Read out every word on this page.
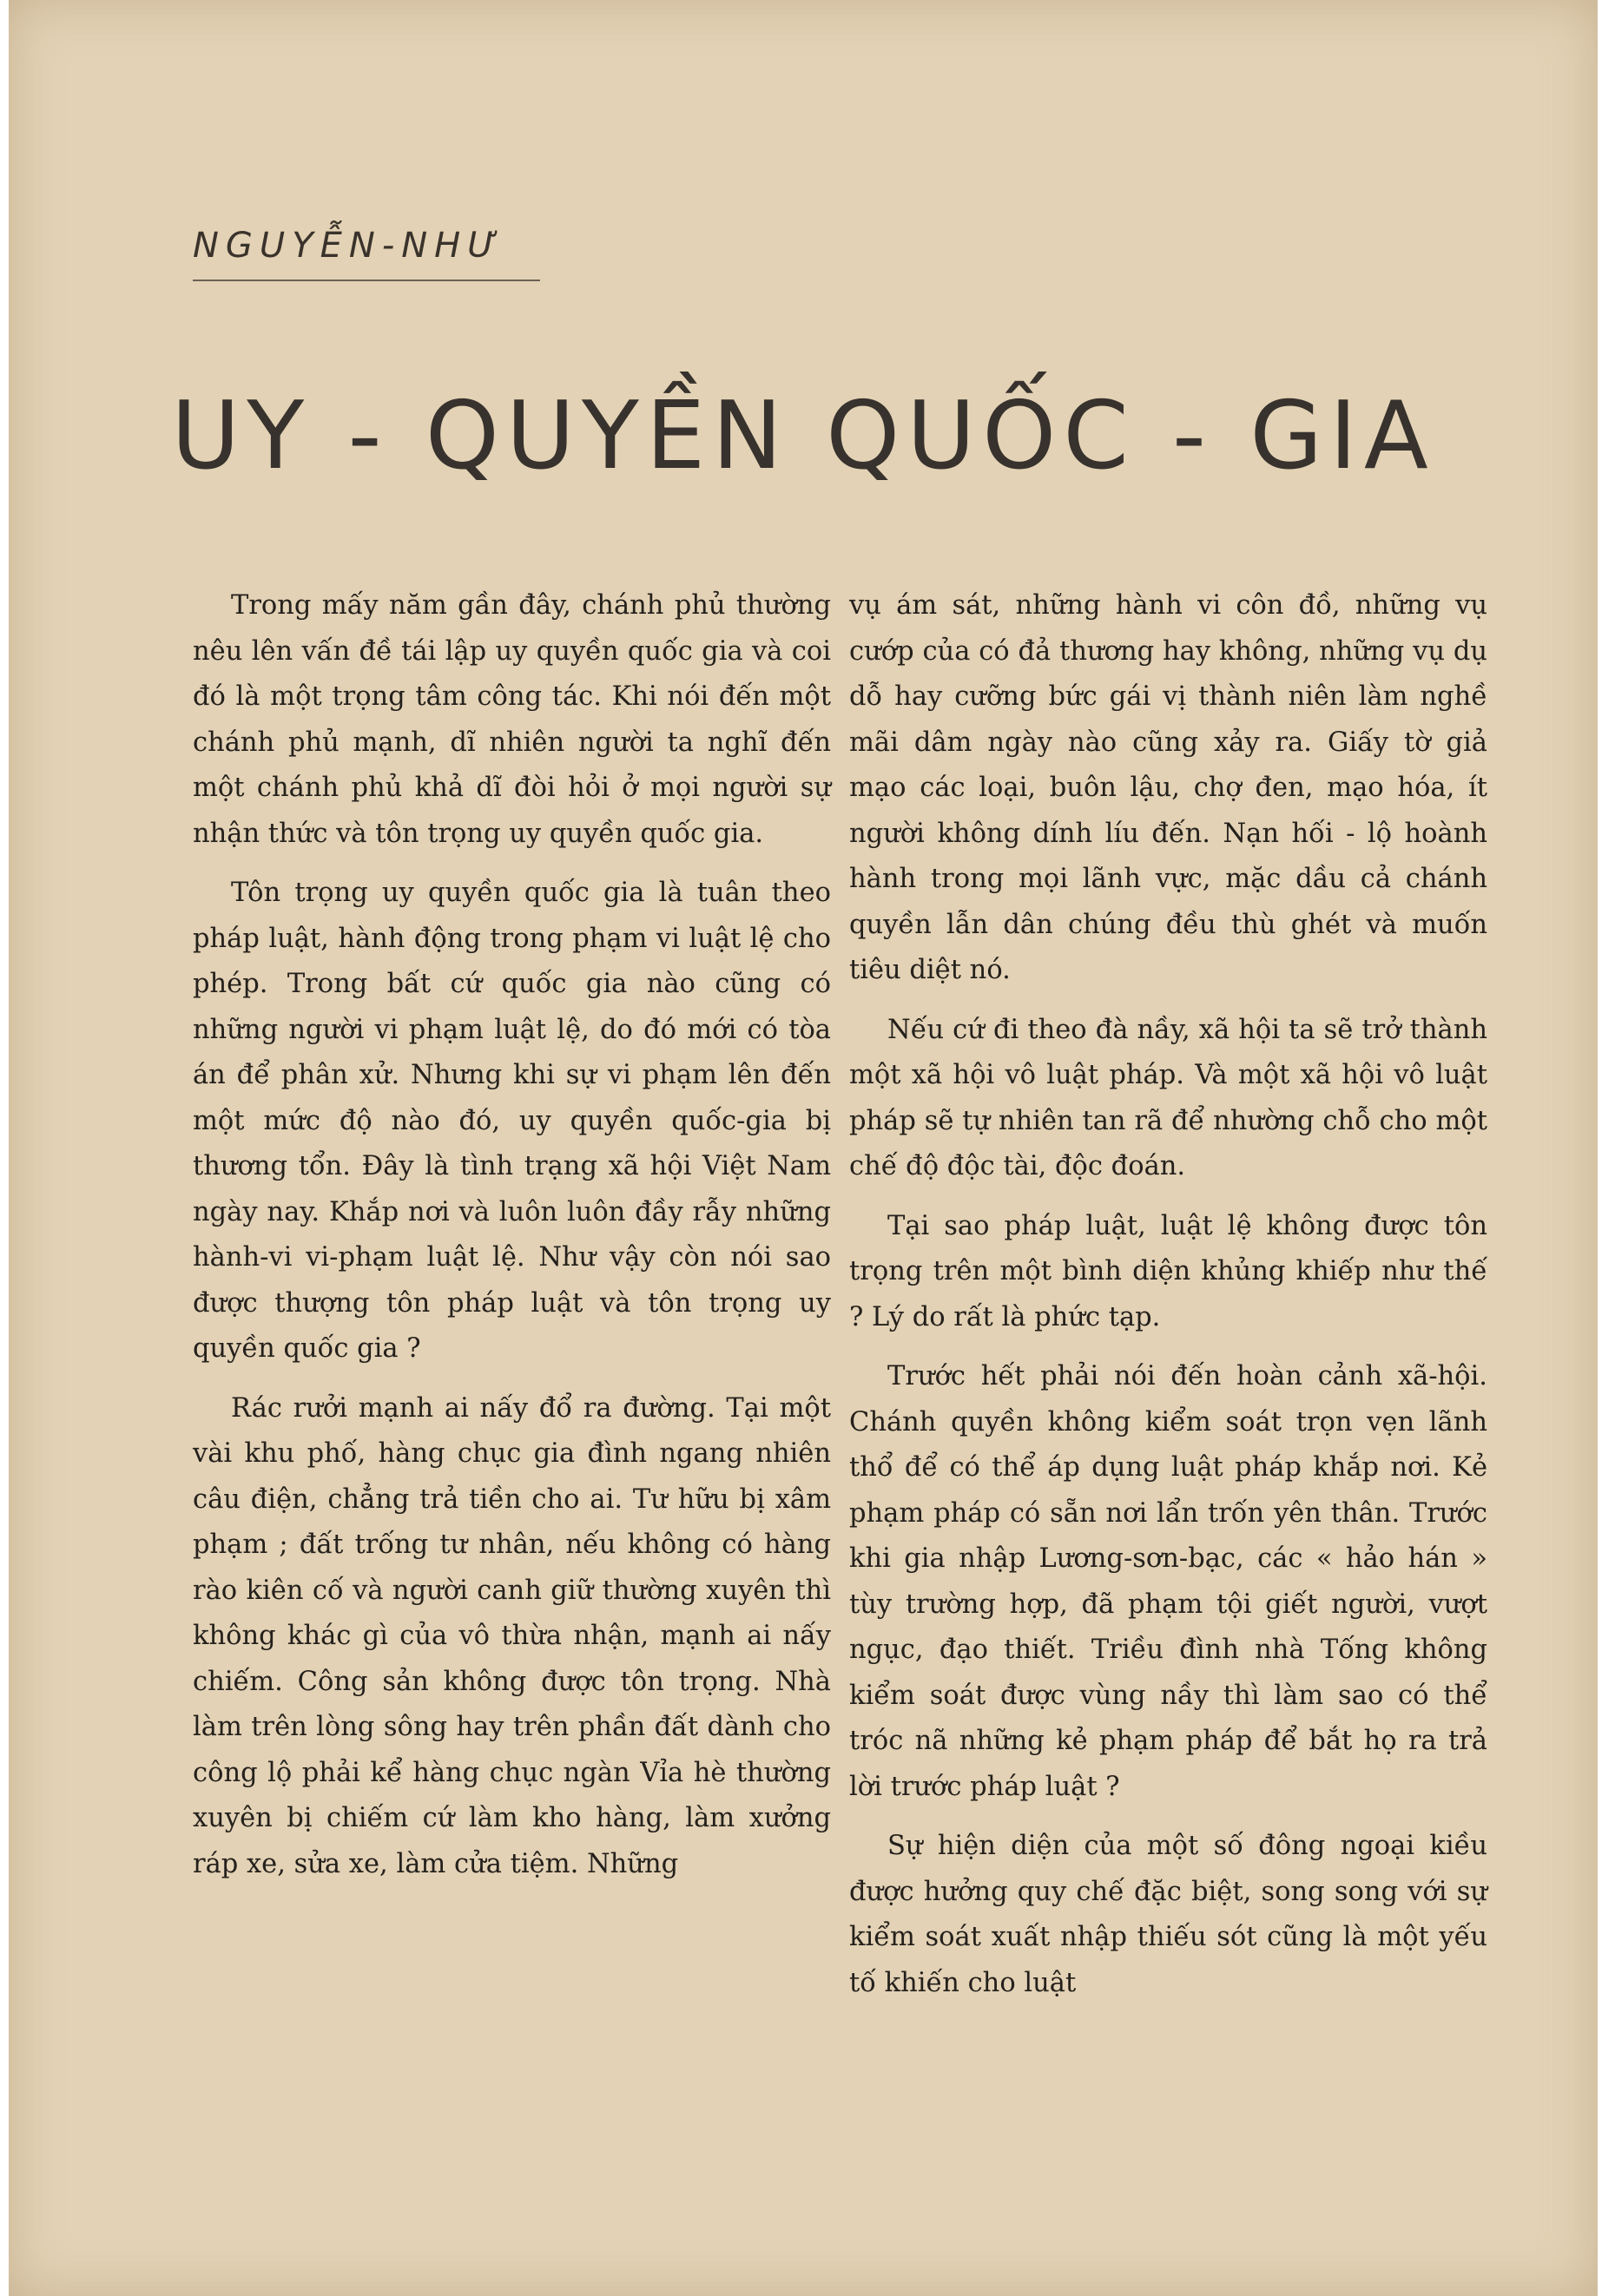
NGUYỄN-NHƯ

UY - QUYỀN QUỐC - GIA

Trong mấy năm gần đây, chánh phủ thường nêu lên vấn đề tái lập uy quyền quốc gia và coi đó là một trọng tâm công tác. Khi nói đến một chánh phủ mạnh, dĩ nhiên người ta nghĩ đến một chánh phủ khả dĩ đòi hỏi ở mọi người sự nhận thức và tôn trọng uy quyền quốc gia.

Tôn trọng uy quyền quốc gia là tuân theo pháp luật, hành động trong phạm vi luật lệ cho phép. Trong bất cứ quốc gia nào cũng có những người vi phạm luật lệ, do đó mới có tòa án để phân xử. Nhưng khi sự vi phạm lên đến một mức độ nào đó, uy quyền quốc-gia bị thương tổn. Đây là tình trạng xã hội Việt Nam ngày nay. Khắp nơi và luôn luôn đầy rẫy những hành-vi vi-phạm luật lệ. Như vậy còn nói sao được thượng tôn pháp luật và tôn trọng uy quyền quốc gia ?

Rác rưởi mạnh ai nấy đổ ra đường. Tại một vài khu phố, hàng chục gia đình ngang nhiên câu điện, chẳng trả tiền cho ai. Tư hữu bị xâm phạm ; đất trống tư nhân, nếu không có hàng rào kiên cố và người canh giữ thường xuyên thì không khác gì của vô thừa nhận, mạnh ai nấy chiếm. Công sản không được tôn trọng. Nhà làm trên lòng sông hay trên phần đất dành cho công lộ phải kể hàng chục ngàn Vỉa hè thường xuyên bị chiếm cứ làm kho hàng, làm xưởng ráp xe, sửa xe, làm cửa tiệm. Những

vụ ám sát, những hành vi côn đồ, những vụ cướp của có đả thương hay không, những vụ dụ dỗ hay cưỡng bức gái vị thành niên làm nghề mãi dâm ngày nào cũng xảy ra. Giấy tờ giả mạo các loại, buôn lậu, chợ đen, mạo hóa, ít người không dính líu đến. Nạn hối - lộ hoành hành trong mọi lãnh vực, mặc dầu cả chánh quyền lẫn dân chúng đều thù ghét và muốn tiêu diệt nó.

Nếu cứ đi theo đà nầy, xã hội ta sẽ trở thành một xã hội vô luật pháp. Và một xã hội vô luật pháp sẽ tự nhiên tan rã để nhường chỗ cho một chế độ độc tài, độc đoán.

Tại sao pháp luật, luật lệ không được tôn trọng trên một bình diện khủng khiếp như thế ? Lý do rất là phức tạp.

Trước hết phải nói đến hoàn cảnh xã-hội. Chánh quyền không kiểm soát trọn vẹn lãnh thổ để có thể áp dụng luật pháp khắp nơi. Kẻ phạm pháp có sẵn nơi lẩn trốn yên thân. Trước khi gia nhập Lương-sơn-bạc, các « hảo hán » tùy trường hợp, đã phạm tội giết người, vượt ngục, đạo thiết. Triều đình nhà Tống không kiểm soát được vùng nầy thì làm sao có thể tróc nã những kẻ phạm pháp để bắt họ ra trả lời trước pháp luật ?

Sự hiện diện của một số đông ngoại kiều được hưởng quy chế đặc biệt, song song với sự kiểm soát xuất nhập thiếu sót cũng là một yếu tố khiến cho luật
